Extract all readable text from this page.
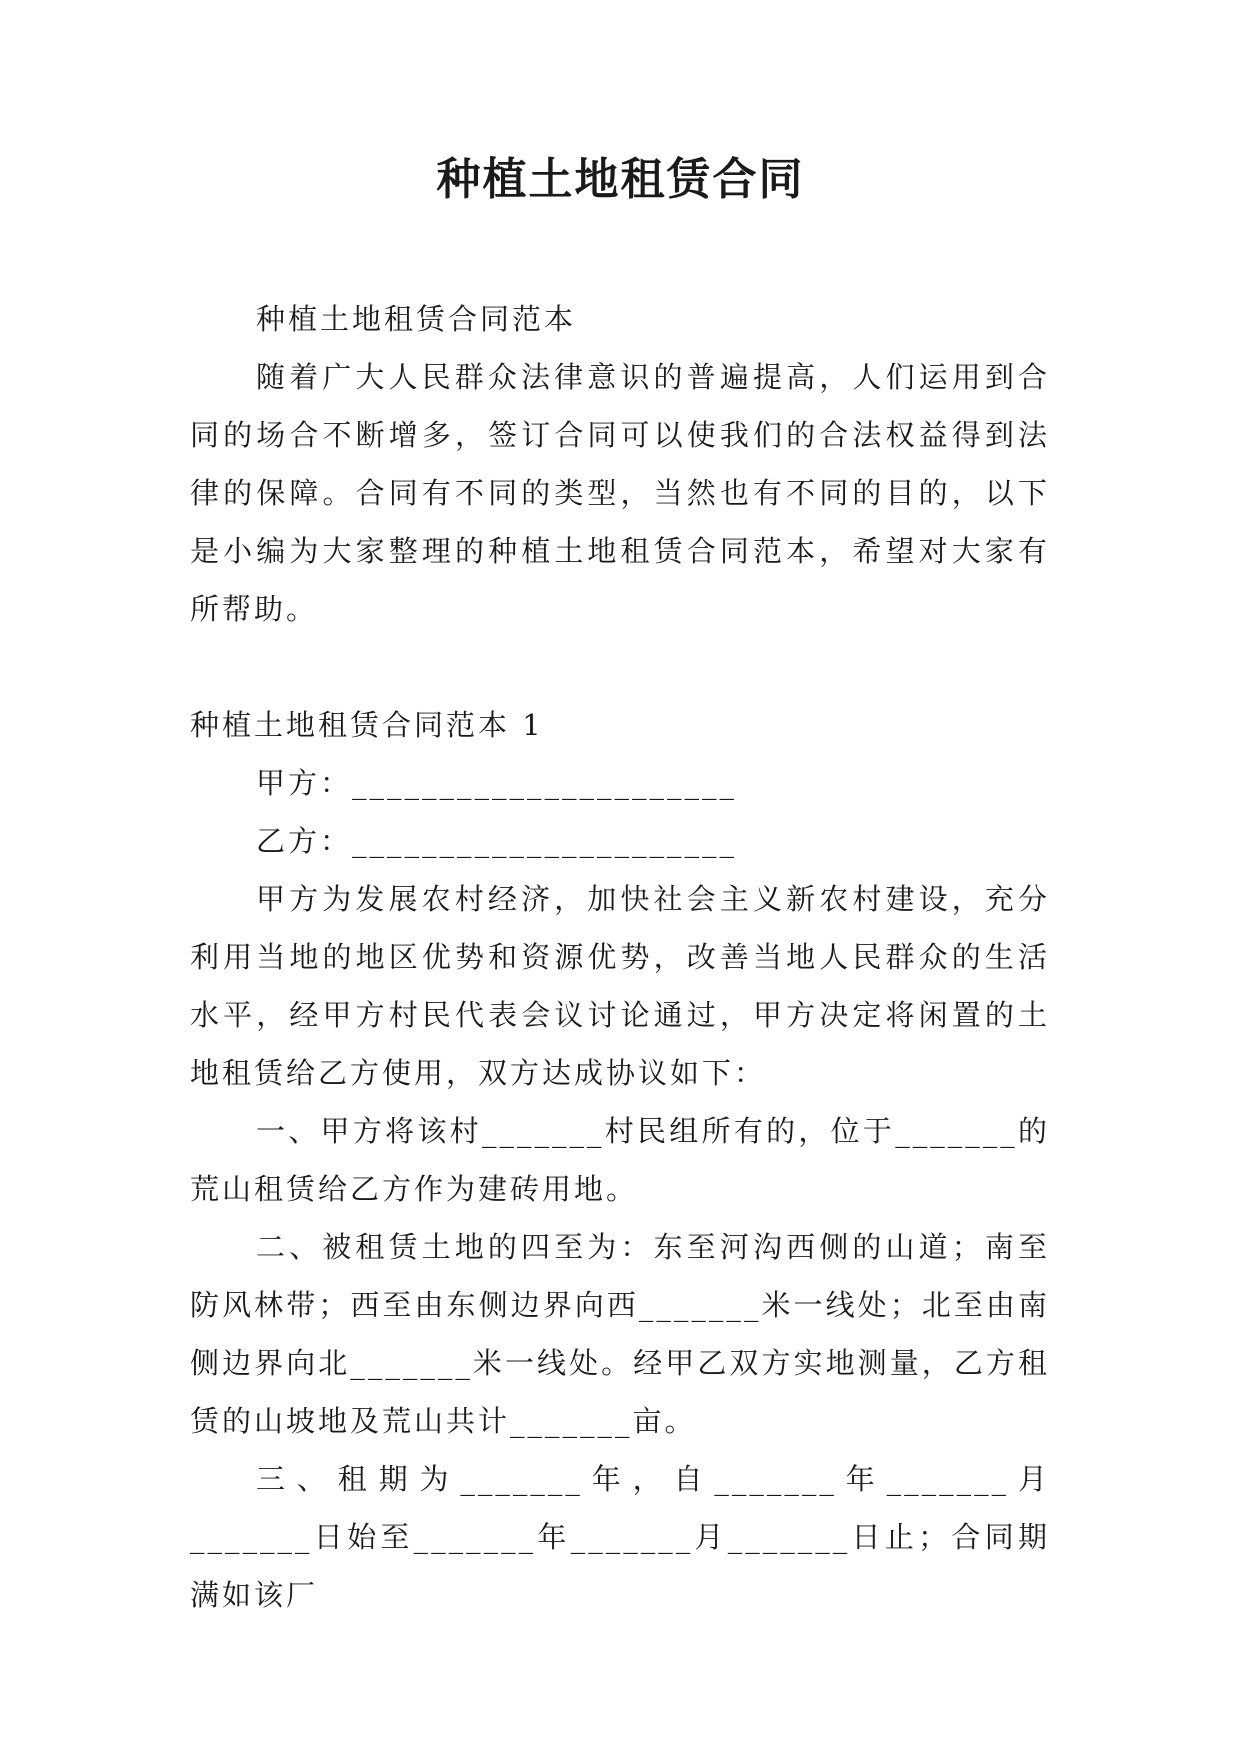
种植土地租赁合同

种植土地租赁合同范本

随着广大人民群众法律意识的普遍提高，人们运用到合同的场合不断增多，签订合同可以使我们的合法权益得到法律的保障。合同有不同的类型，当然也有不同的目的，以下是小编为大家整理的种植土地租赁合同范本，希望对大家有所帮助。

种植土地租赁合同范本 1

甲方：______________________

乙方：______________________

甲方为发展农村经济，加快社会主义新农村建设，充分利用当地的地区优势和资源优势，改善当地人民群众的生活水平，经甲方村民代表会议讨论通过，甲方决定将闲置的土地租赁给乙方使用，双方达成协议如下：

一、甲方将该村_______村民组所有的，位于_______的荒山租赁给乙方作为建砖用地。

二、被租赁土地的四至为：东至河沟西侧的山道；南至防风林带；西至由东侧边界向西_______米一线处；北至由南侧边界向北_______米一线处。经甲乙双方实地测量，乙方租赁的山坡地及荒山共计_______亩。

三、租期为_______年，自_______年_______月_______日始至_______年_______月_______日止；合同期满如该厂
